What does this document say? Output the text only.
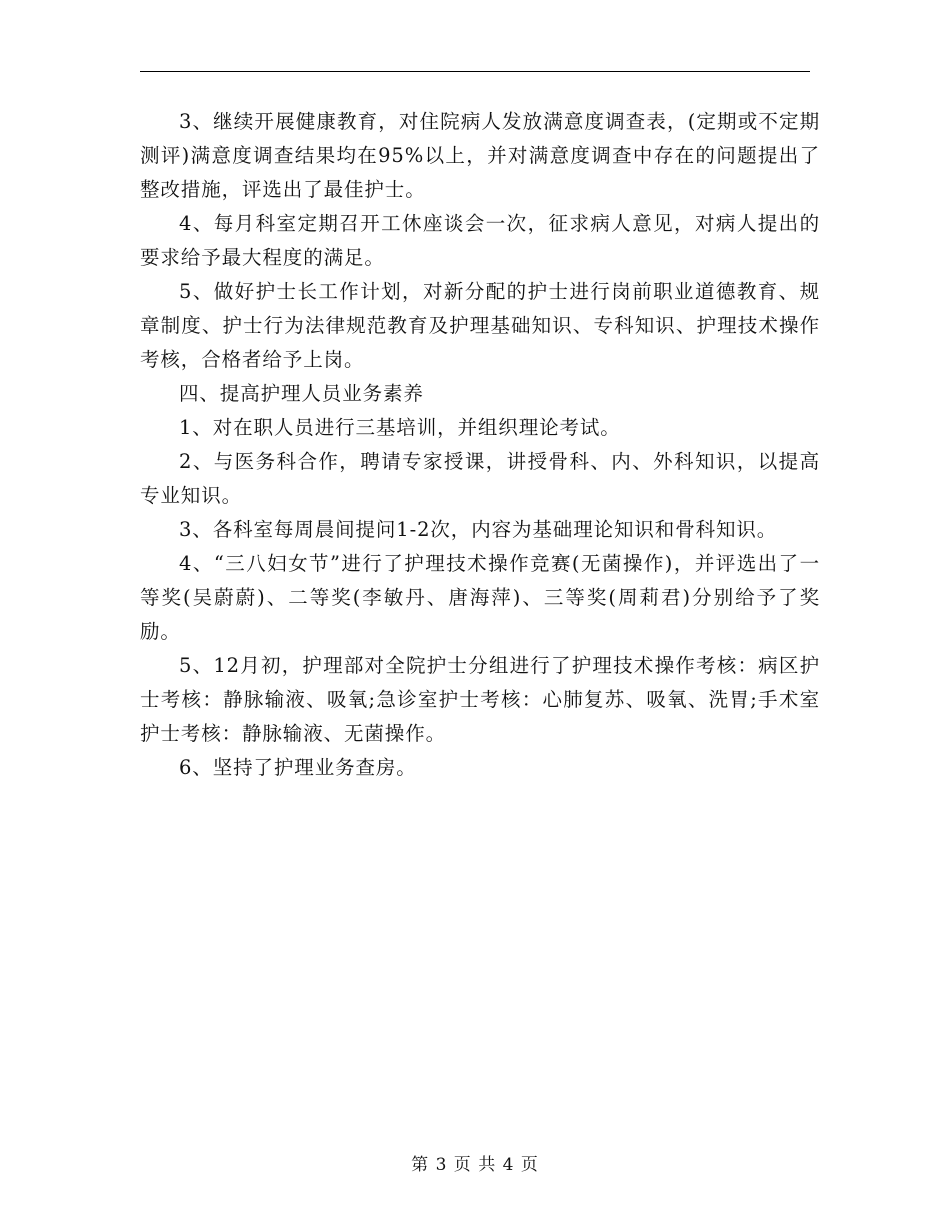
3、继续开展健康教育，对住院病人发放满意度调查表，(定期或不定期测评)满意度调查结果均在95%以上，并对满意度调查中存在的问题提出了整改措施，评选出了最佳护士。

4、每月科室定期召开工休座谈会一次，征求病人意见，对病人提出的要求给予最大程度的满足。

5、做好护士长工作计划，对新分配的护士进行岗前职业道德教育、规章制度、护士行为法律规范教育及护理基础知识、专科知识、护理技术操作考核，合格者给予上岗。

四、提高护理人员业务素养

1、对在职人员进行三基培训，并组织理论考试。

2、与医务科合作，聘请专家授课，讲授骨科、内、外科知识，以提高专业知识。

3、各科室每周晨间提问1-2次，内容为基础理论知识和骨科知识。

4、“三八妇女节”进行了护理技术操作竞赛(无菌操作)，并评选出了一等奖(吴蔚蔚)、二等奖(李敏丹、唐海萍)、三等奖(周莉君)分别给予了奖励。

5、12月初，护理部对全院护士分组进行了护理技术操作考核：病区护士考核：静脉输液、吸氧;急诊室护士考核：心肺复苏、吸氧、洗胃;手术室护士考核：静脉输液、无菌操作。

6、坚持了护理业务查房。

第 3 页 共 4 页
